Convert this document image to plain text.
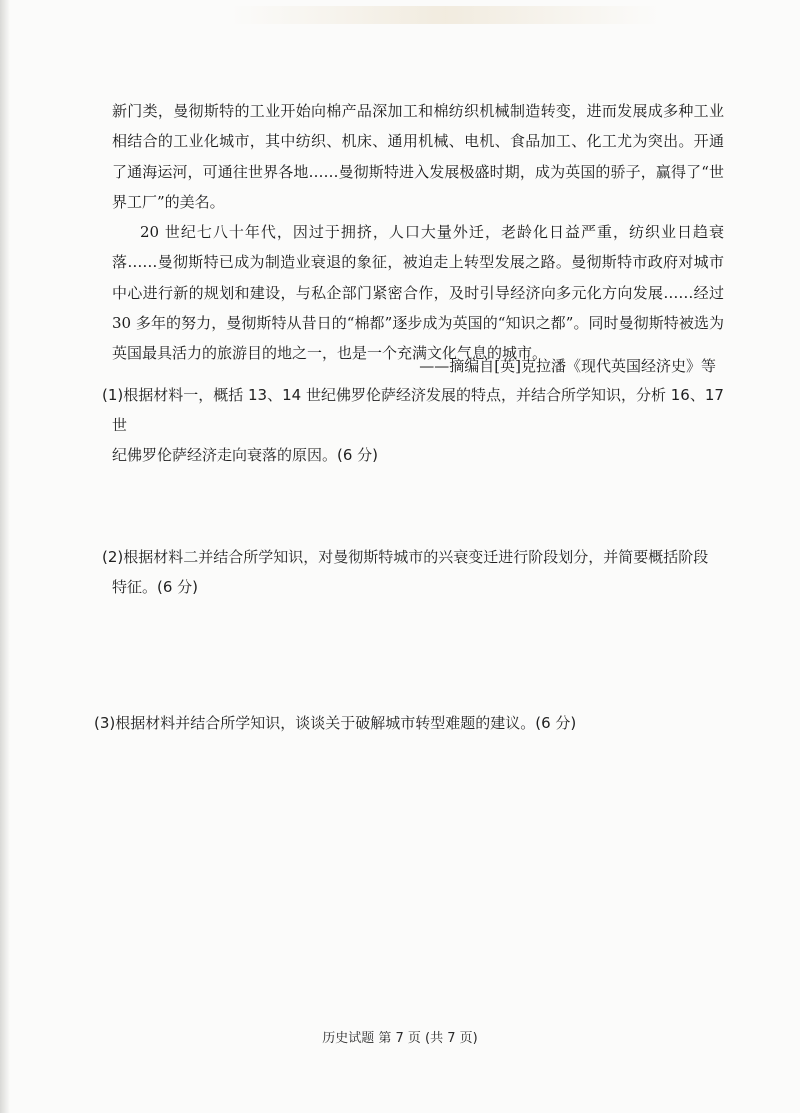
新门类，曼彻斯特的工业开始向棉产品深加工和棉纺织机械制造转变，进而发展成多种工业相结合的工业化城市，其中纺织、机床、通用机械、电机、食品加工、化工尤为突出。开通了通海运河，可通往世界各地……曼彻斯特进入发展极盛时期，成为英国的骄子，赢得了“世界工厂”的美名。

20 世纪七八十年代，因过于拥挤，人口大量外迁，老龄化日益严重，纺织业日趋衰落……曼彻斯特已成为制造业衰退的象征，被迫走上转型发展之路。曼彻斯特市政府对城市中心进行新的规划和建设，与私企部门紧密合作，及时引导经济向多元化方向发展……经过 30 多年的努力，曼彻斯特从昔日的“棉都”逐步成为英国的“知识之都”。同时曼彻斯特被选为英国最具活力的旅游目的地之一，也是一个充满文化气息的城市。

——摘编自[英]克拉潘《现代英国经济史》等
(1)根据材料一，概括 13、14 世纪佛罗伦萨经济发展的特点，并结合所学知识，分析 16、17 世
纪佛罗伦萨经济走向衰落的原因。(6 分)
(2)根据材料二并结合所学知识，对曼彻斯特城市的兴衰变迁进行阶段划分，并简要概括阶段
特征。(6 分)
(3)根据材料并结合所学知识，谈谈关于破解城市转型难题的建议。(6 分)
历史试题 第 7 页 (共 7 页)
